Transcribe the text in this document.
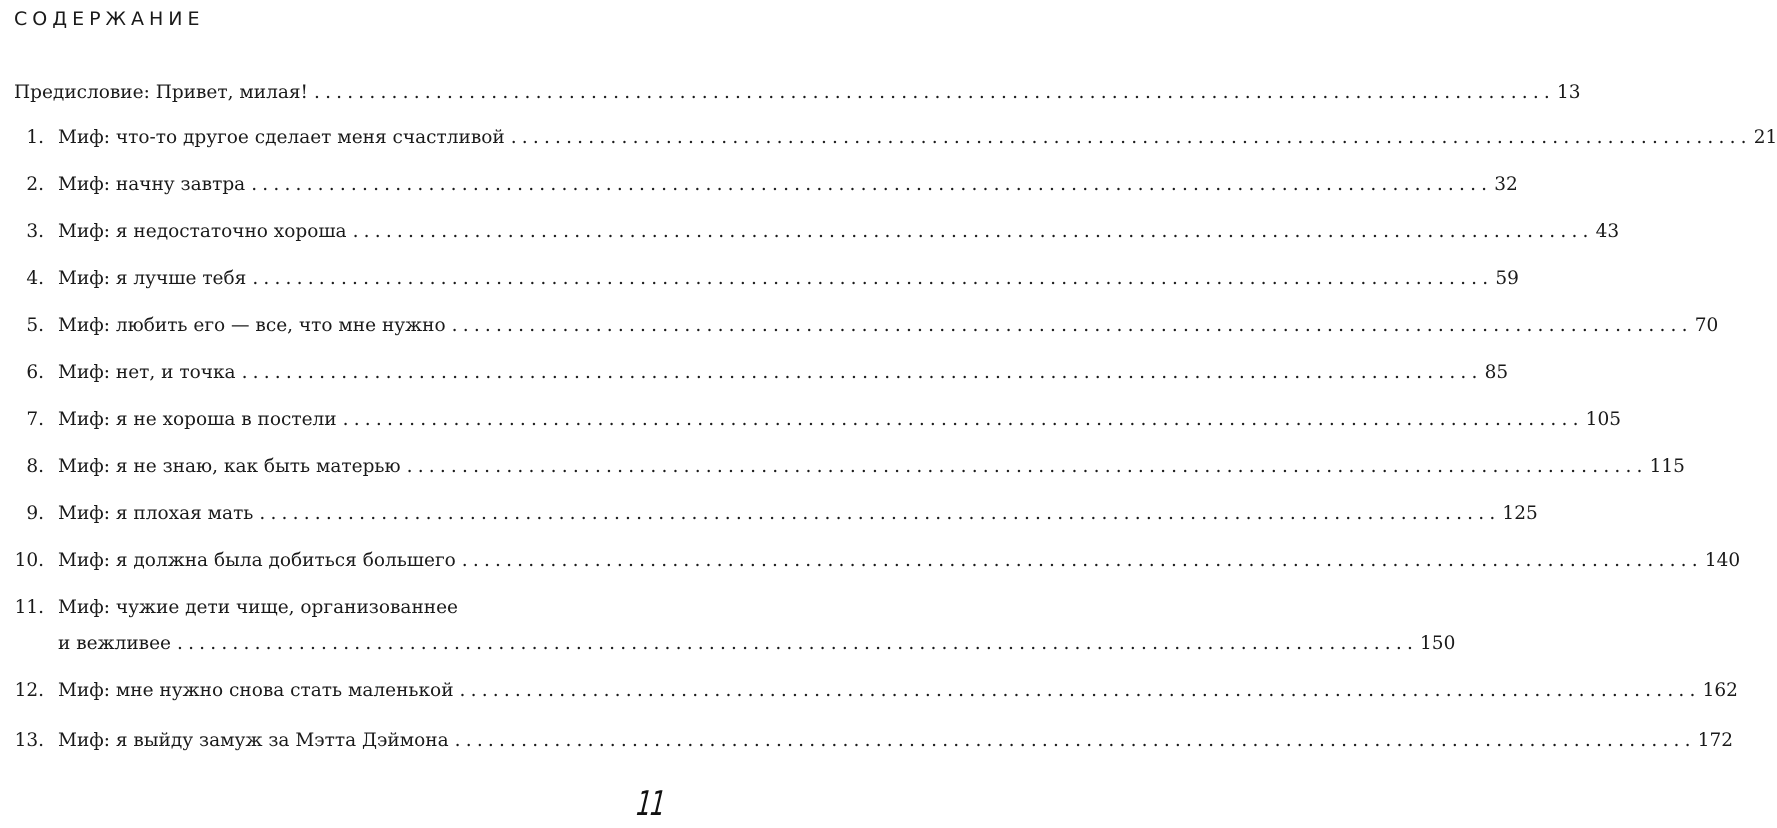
СОДЕРЖАНИЕ
Предисловие: Привет, милая! ................................................................................................................ 13
1. Миф: что-то другое сделает меня счастливой ................................................................................................................ 21
2. Миф: начну завтра ................................................................................................................ 32
3. Миф: я недостаточно хороша ................................................................................................................ 43
4. Миф: я лучше тебя ................................................................................................................ 59
5. Миф: любить его — все, что мне нужно ................................................................................................................ 70
6. Миф: нет, и точка ................................................................................................................ 85
7. Миф: я не хороша в постели ................................................................................................................ 105
8. Миф: я не знаю, как быть матерью ................................................................................................................ 115
9. Миф: я плохая мать ................................................................................................................ 125
10. Миф: я должна была добиться большего ................................................................................................................ 140
11. Миф: чужие дети чище, организованнее
и вежливее ................................................................................................................ 150
12. Миф: мне нужно снова стать маленькой ................................................................................................................ 162
13. Миф: я выйду замуж за Мэтта Дэймона ................................................................................................................ 172
11
